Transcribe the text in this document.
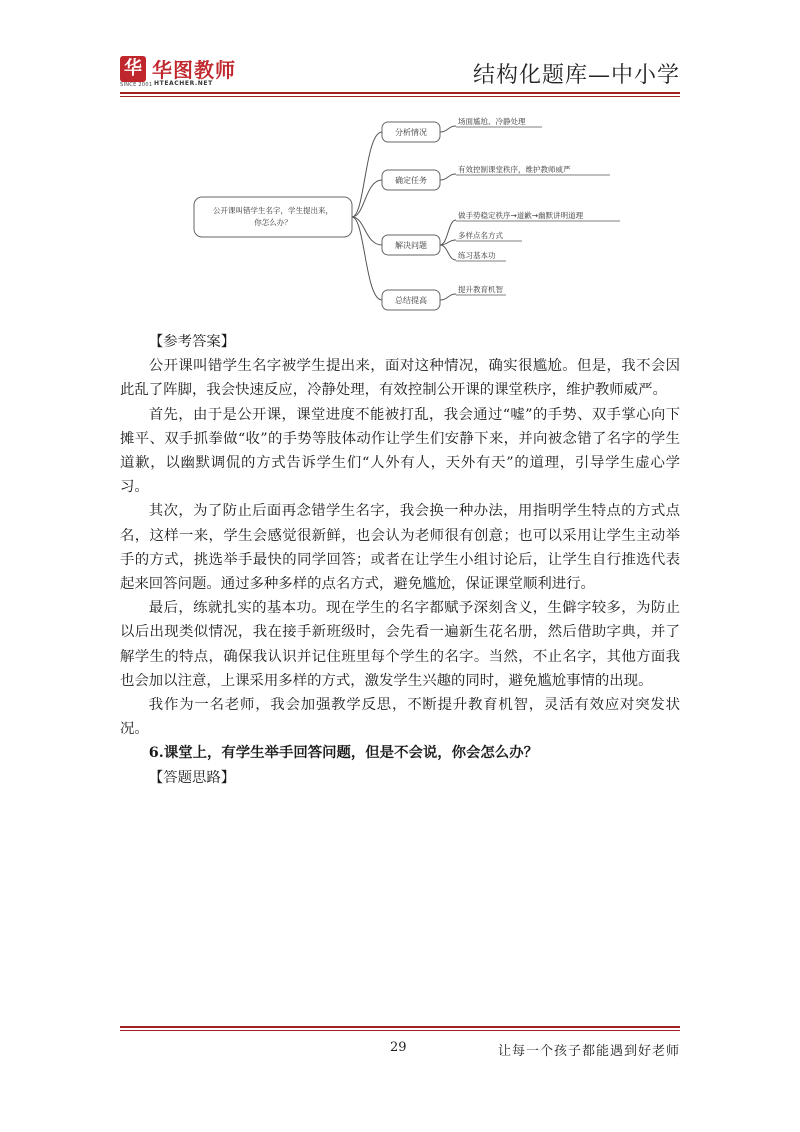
华
SINCE 2001
华图教师
HTEACHER.NET	结构化题库—中小学
公开课叫错学生名字，学生提出来，
你怎么办？
分析情况
确定任务
解决问题
总结提高
场面尴尬、冷静处理
有效控制课堂秩序，维护教师威严
做手势稳定秩序→道歉→幽默讲明道理
多样点名方式
练习基本功
提升教育机智

【参考答案】

公开课叫错学生名字被学生提出来，面对这种情况，确实很尴尬。但是，我不会因此乱了阵脚，我会快速反应，冷静处理，有效控制公开课的课堂秩序，维护教师威严。

首先，由于是公开课，课堂进度不能被打乱，我会通过“嘘”的手势、双手掌心向下摊平、双手抓拳做“收”的手势等肢体动作让学生们安静下来，并向被念错了名字的学生道歉，以幽默调侃的方式告诉学生们“人外有人，天外有天”的道理，引导学生虚心学习。

其次，为了防止后面再念错学生名字，我会换一种办法，用指明学生特点的方式点名，这样一来，学生会感觉很新鲜，也会认为老师很有创意；也可以采用让学生主动举手的方式，挑选举手最快的同学回答；或者在让学生小组讨论后，让学生自行推选代表起来回答问题。通过多种多样的点名方式，避免尴尬，保证课堂顺利进行。

最后，练就扎实的基本功。现在学生的名字都赋予深刻含义，生僻字较多，为防止以后出现类似情况，我在接手新班级时，会先看一遍新生花名册，然后借助字典，并了解学生的特点，确保我认识并记住班里每个学生的名字。当然，不止名字，其他方面我也会加以注意，上课采用多样的方式，激发学生兴趣的同时，避免尴尬事情的出现。

我作为一名老师，我会加强教学反思，不断提升教育机智，灵活有效应对突发状况。

6.课堂上，有学生举手回答问题，但是不会说，你会怎么办？

【答题思路】

29	让每一个孩子都能遇到好老师
